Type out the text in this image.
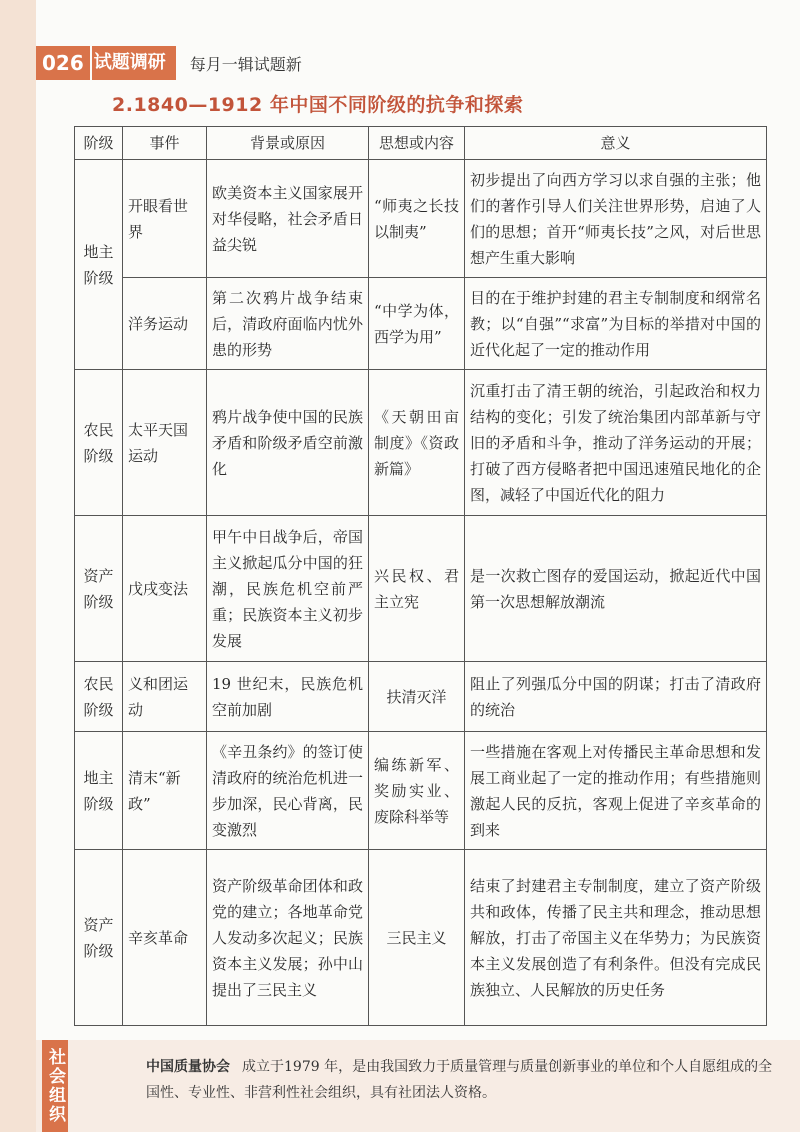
026 试题调研	每月一辑试题新
2.1840—1912 年中国不同阶级的抗争和探索
阶级	事件	背景或原因	思想或内容	意义
地主阶级	开眼看世界	欧美资本主义国家展开对华侵略，社会矛盾日益尖锐	“师夷之长技以制夷”	初步提出了向西方学习以求自强的主张；他们的著作引导人们关注世界形势，启迪了人们的思想；首开“师夷长技”之风，对后世思想产生重大影响
	洋务运动	第二次鸦片战争结束后，清政府面临内忧外患的形势	“中学为体，西学为用”	目的在于维护封建的君主专制制度和纲常名教；以“自强”“求富”为目标的举措对中国的近代化起了一定的推动作用
农民阶级	太平天国运动	鸦片战争使中国的民族矛盾和阶级矛盾空前激化	《天朝田亩制度》《资政新篇》	沉重打击了清王朝的统治，引起政治和权力结构的变化；引发了统治集团内部革新与守旧的矛盾和斗争，推动了洋务运动的开展；打破了西方侵略者把中国迅速殖民地化的企图，减轻了中国近代化的阻力
资产阶级	戊戌变法	甲午中日战争后，帝国主义掀起瓜分中国的狂潮，民族危机空前严重；民族资本主义初步发展	兴民权、君主立宪	是一次救亡图存的爱国运动，掀起近代中国第一次思想解放潮流
农民阶级	义和团运动	19 世纪末，民族危机空前加剧	扶清灭洋	阻止了列强瓜分中国的阴谋；打击了清政府的统治
地主阶级	清末“新政”	《辛丑条约》的签订使清政府的统治危机进一步加深，民心背离，民变激烈	编练新军、奖励实业、废除科举等	一些措施在客观上对传播民主革命思想和发展工商业起了一定的推动作用；有些措施则激起人民的反抗，客观上促进了辛亥革命的到来
资产阶级	辛亥革命	资产阶级革命团体和政党的建立；各地革命党人发动多次起义；民族资本主义发展；孙中山提出了三民主义	三民主义	结束了封建君主专制制度，建立了资产阶级共和政体，传播了民主共和理念，推动思想解放，打击了帝国主义在华势力；为民族资本主义发展创造了有利条件。但没有完成民族独立、人民解放的历史任务
社会组织	中国质量协会 成立于1979 年，是由我国致力于质量管理与质量创新事业的单位和个人自愿组成的全国性、专业性、非营利性社会组织，具有社团法人资格。
